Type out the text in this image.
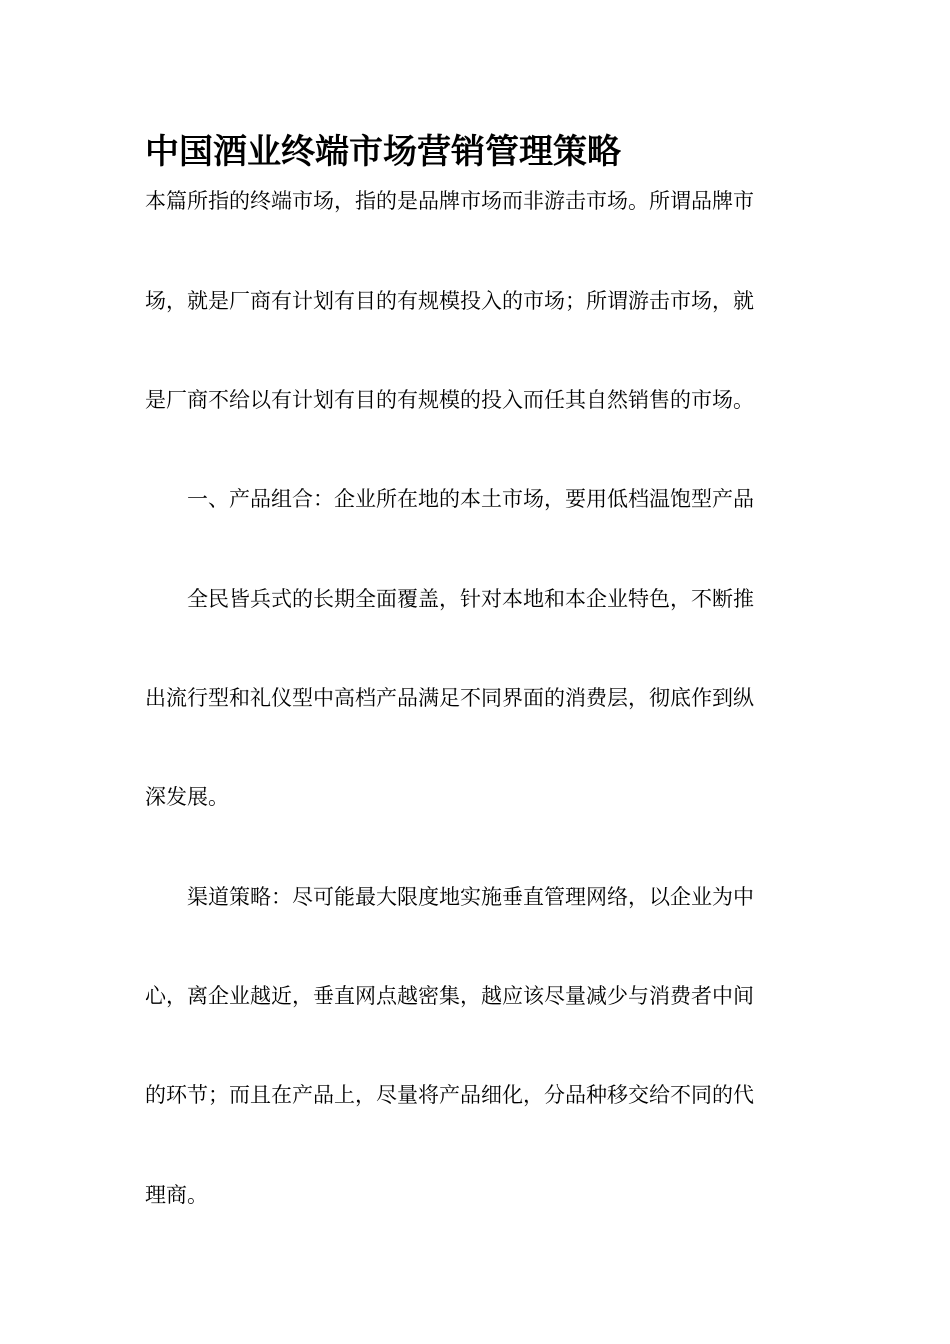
中国酒业终端市场营销管理策略

本篇所指的终端市场，指的是品牌市场而非游击市场。所谓品牌市

场，就是厂商有计划有目的有规模投入的市场；所谓游击市场，就

是厂商不给以有计划有目的有规模的投入而任其自然销售的市场。

一、产品组合：企业所在地的本土市场，要用低档温饱型产品

全民皆兵式的长期全面覆盖，针对本地和本企业特色，不断推

出流行型和礼仪型中高档产品满足不同界面的消费层，彻底作到纵

深发展。

渠道策略：尽可能最大限度地实施垂直管理网络，以企业为中

心，离企业越近，垂直网点越密集，越应该尽量减少与消费者中间

的环节；而且在产品上，尽量将产品细化，分品种移交给不同的代

理商。
